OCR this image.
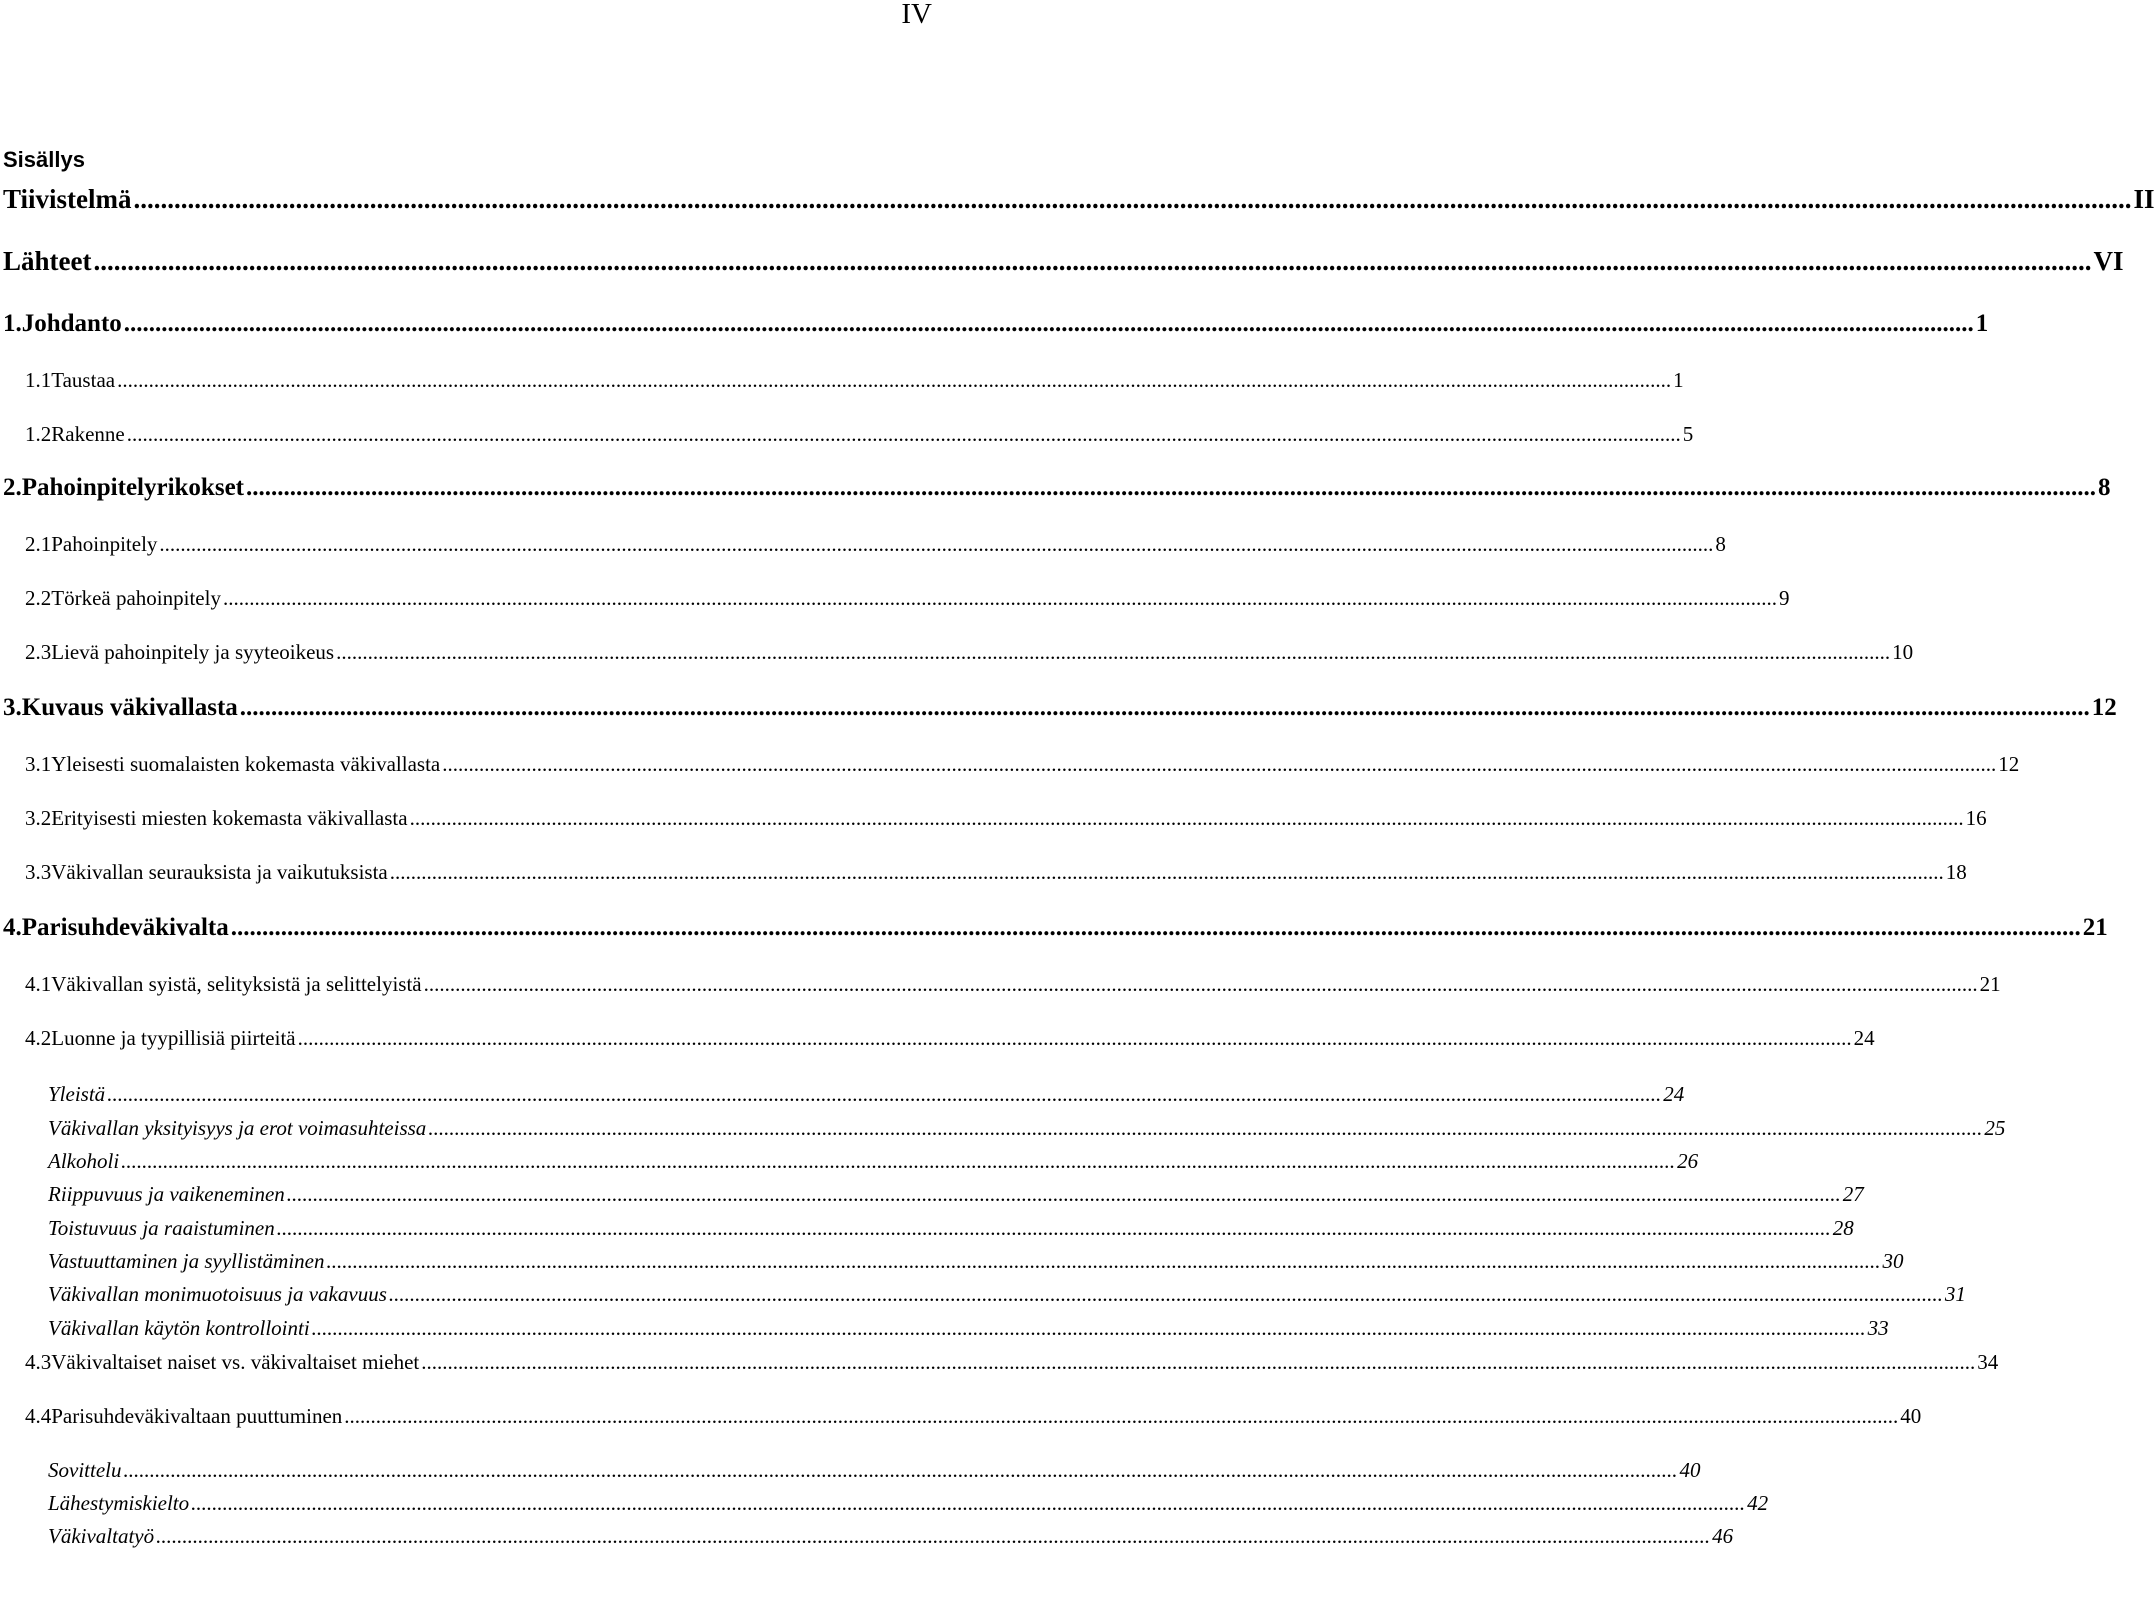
IV
Sisällys
Tiivistelmä ........................................................................................................................................................................................................................................................................................................ II
Lähteet ........................................................................................................................................................................................................................................................................................................ VI
1. Johdanto ........................................................................................................................................................................................................................................................................................................ 1
1.1 Taustaa ........................................................................................................................................................................................................................................................................................................ 1
1.2 Rakenne ........................................................................................................................................................................................................................................................................................................ 5
2. Pahoinpitelyrikokset ........................................................................................................................................................................................................................................................................................................ 8
2.1 Pahoinpitely ........................................................................................................................................................................................................................................................................................................ 8
2.2 Törkeä pahoinpitely ........................................................................................................................................................................................................................................................................................................ 9
2.3 Lievä pahoinpitely ja syyteoikeus ........................................................................................................................................................................................................................................................................................................ 10
3. Kuvaus väkivallasta ........................................................................................................................................................................................................................................................................................................ 12
3.1 Yleisesti suomalaisten kokemasta väkivallasta ........................................................................................................................................................................................................................................................................................................ 12
3.2 Erityisesti miesten kokemasta väkivallasta ........................................................................................................................................................................................................................................................................................................ 16
3.3 Väkivallan seurauksista ja vaikutuksista ........................................................................................................................................................................................................................................................................................................ 18
4. Parisuhdeväkivalta ........................................................................................................................................................................................................................................................................................................ 21
4.1 Väkivallan syistä, selityksistä ja selittelyistä ........................................................................................................................................................................................................................................................................................................ 21
4.2 Luonne ja tyypillisiä piirteitä ........................................................................................................................................................................................................................................................................................................ 24
Yleistä ........................................................................................................................................................................................................................................................................................................ 24
Väkivallan yksityisyys ja erot voimasuhteissa ........................................................................................................................................................................................................................................................................................................ 25
Alkoholi ........................................................................................................................................................................................................................................................................................................ 26
Riippuvuus ja vaikeneminen ........................................................................................................................................................................................................................................................................................................ 27
Toistuvuus ja raaistuminen ........................................................................................................................................................................................................................................................................................................ 28
Vastuuttaminen ja syyllistäminen ........................................................................................................................................................................................................................................................................................................ 30
Väkivallan monimuotoisuus ja vakavuus ........................................................................................................................................................................................................................................................................................................ 31
Väkivallan käytön kontrollointi ........................................................................................................................................................................................................................................................................................................ 33
4.3 Väkivaltaiset naiset vs. väkivaltaiset miehet ........................................................................................................................................................................................................................................................................................................ 34
4.4 Parisuhdeväkivaltaan puuttuminen ........................................................................................................................................................................................................................................................................................................ 40
Sovittelu ........................................................................................................................................................................................................................................................................................................ 40
Lähestymiskielto ........................................................................................................................................................................................................................................................................................................ 42
Väkivaltatyö ........................................................................................................................................................................................................................................................................................................ 46
